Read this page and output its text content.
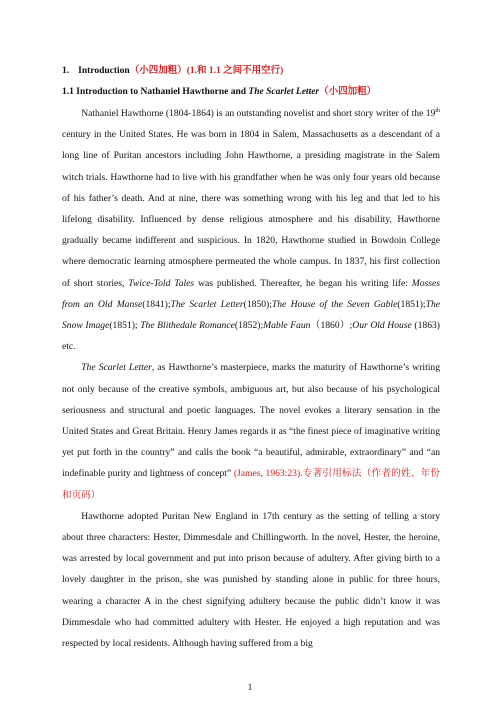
1. Introduction（小四加粗）(1.和 1.1 之间不用空行)
1.1 Introduction to Nathaniel Hawthorne and The Scarlet Letter（小四加粗）

Nathaniel Hawthorne (1804-1864) is an outstanding novelist and short story writer of the 19th century in the United States. He was born in 1804 in Salem, Massachusetts as a descendant of a long line of Puritan ancestors including John Hawthorne, a presiding magistrate in the Salem witch trials. Hawthorne had to live with his grandfather when he was only four years old because of his father’s death. And at nine, there was something wrong with his leg and that led to his lifelong disability. Influenced by dense religious atmosphere and his disability, Hawthorne gradually became indifferent and suspicious. In 1820, Hawthorne studied in Bowdoin College where democratic learning atmosphere permeated the whole campus. In 1837, his first collection of short stories, Twice-Told Tales was published. Thereafter, he began his writing life: Mosses from an Old Manse(1841);The Scarlet Letter(1850);The House of the Seven Gable(1851);The Snow Image(1851); The Blithedale Romance(1852);Mable Faun（1860）;Our Old House (1863) etc.

The Scarlet Letter, as Hawthorne’s masterpiece, marks the maturity of Hawthorne’s writing not only because of the creative symbols, ambiguous art, but also because of his psychological seriousness and structural and poetic languages. The novel evokes a literary sensation in the United States and Great Britain. Henry James regards it as “the finest piece of imaginative writing yet put forth in the country” and calls the book “a beautiful, admirable, extraordinary” and “an indefinable purity and lightness of concept” (James, 1963:23).专著引用标法（作者的姓、年份和页码）

Hawthorne adopted Puritan New England in 17th century as the setting of telling a story about three characters: Hester, Dimmesdale and Chillingworth. In the novel, Hester, the heroine, was arrested by local government and put into prison because of adultery. After giving birth to a lovely daughter in the prison, she was punished by standing alone in public for three hours, wearing a character A in the chest signifying adultery because the public didn’t know it was Dimmesdale who had committed adultery with Hester. He enjoyed a high reputation and was respected by local residents. Although having suffered from a big

1
